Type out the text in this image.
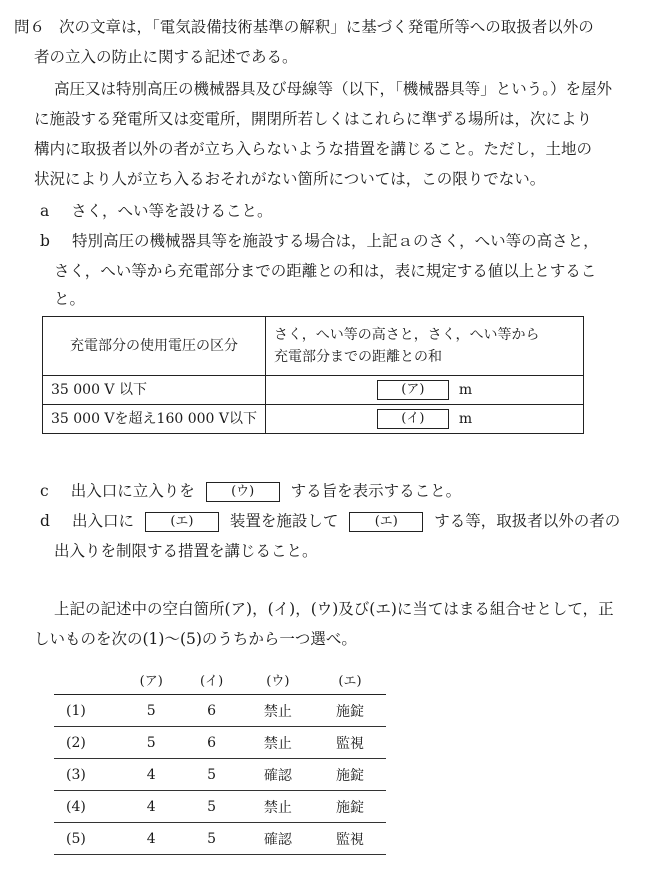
問６ 次の文章は，「電気設備技術基準の解釈」に基づく発電所等への取扱者以外の
者の立入の防止に関する記述である。
高圧又は特別高圧の機械器具及び母線等（以下，「機械器具等」という。）を屋外
に施設する発電所又は変電所，開閉所若しくはこれらに準ずる場所は，次により
構内に取扱者以外の者が立ち入らないような措置を講じること。ただし，土地の
状況により人が立ち入るおそれがない箇所については，この限りでない。
a さく，へい等を設けること。
b 特別高圧の機械器具等を施設する場合は，上記ａのさく，へい等の高さと，
さく，へい等から充電部分までの距離との和は，表に規定する値以上とするこ
と。
充電部分の使用電圧の区分	さく，へい等の高さと，さく，へい等から
充電部分までの距離との和

35 000 V 以下	(ア) m
35 000 Vを超え160 000 V以下	(イ) m
c 出入口に立入りを	(ウ) する旨を表示すること。
d 出入口に	(エ) 装置を施設して	(エ) する等，取扱者以外の者の
出入りを制限する措置を講じること。
上記の記述中の空白箇所(ア)，(イ)，(ウ)及び(エ)に当てはまる組合せとして，正
しいものを次の(1)～(5)のうちから一つ選べ。
	(ア)	(イ)	(ウ)	(エ)
(1)	5	6	禁止	施錠
(2)	5	6	禁止	監視
(3)	4	5	確認	施錠
(4)	4	5	禁止	施錠
(5)	4	5	確認	監視
